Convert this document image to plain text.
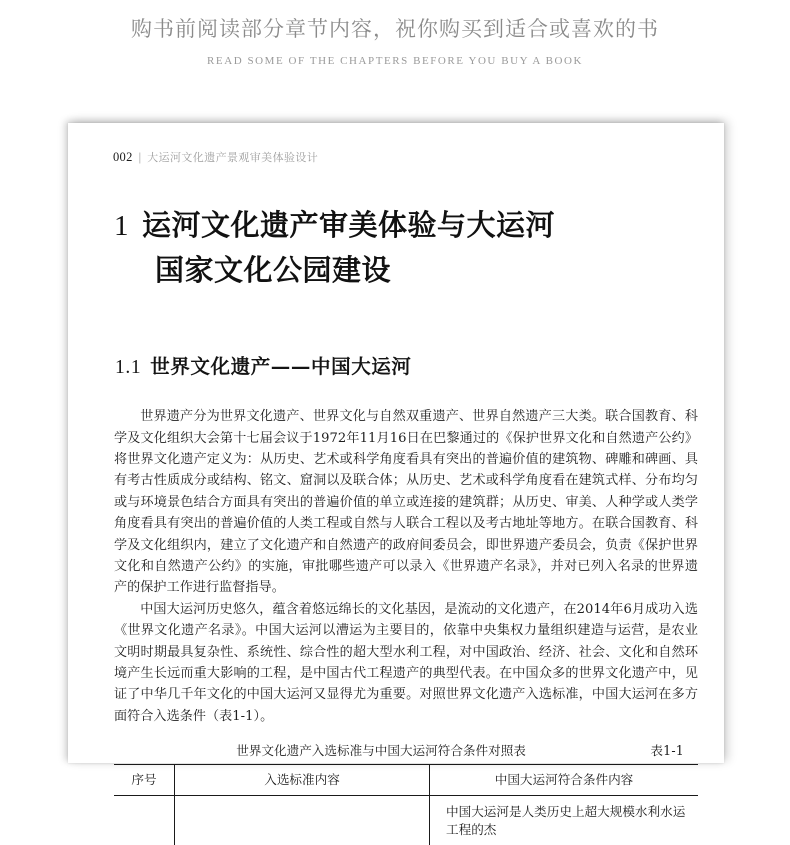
购书前阅读部分章节内容，祝你购买到适合或喜欢的书
READ SOME OF THE CHAPTERS BEFORE YOU BUY A BOOK
002 | 大运河文化遗产景观审美体验设计
1 运河文化遗产审美体验与大运河
国家文化公园建设
1.1 世界文化遗产——中国大运河

世界遗产分为世界文化遗产、世界文化与自然双重遗产、世界自然遗产三大类。联合国教育、科学及文化组织大会第十七届会议于1972年11月16日在巴黎通过的《保护世界文化和自然遗产公约》将世界文化遗产定义为：从历史、艺术或科学角度看具有突出的普遍价值的建筑物、碑雕和碑画、具有考古性质成分或结构、铭文、窟洞以及联合体；从历史、艺术或科学角度看在建筑式样、分布均匀或与环境景色结合方面具有突出的普遍价值的单立或连接的建筑群；从历史、审美、人种学或人类学角度看具有突出的普遍价值的人类工程或自然与人联合工程以及考古地址等地方。在联合国教育、科学及文化组织内，建立了文化遗产和自然遗产的政府间委员会，即世界遗产委员会，负责《保护世界文化和自然遗产公约》的实施，审批哪些遗产可以录入《世界遗产名录》，并对已列入名录的世界遗产的保护工作进行监督指导。

中国大运河历史悠久，蕴含着悠远绵长的文化基因，是流动的文化遗产，在2014年6月成功入选《世界文化遗产名录》。中国大运河以漕运为主要目的，依靠中央集权力量组织建造与运营，是农业文明时期最具复杂性、系统性、综合性的超大型水利工程，对中国政治、经济、社会、文化和自然环境产生长远而重大影响的工程，是中国古代工程遗产的典型代表。在中国众多的世界文化遗产中，见证了中华几千年文化的中国大运河又显得尤为重要。对照世界文化遗产入选标准，中国大运河在多方面符合入选条件（表1-1）。

世界文化遗产入选标准与中国大运河符合条件对照表	表1-1
序号	入选标准内容	中国大运河符合条件内容
		中国大运河是人类历史上超大规模水利水运工程的杰
